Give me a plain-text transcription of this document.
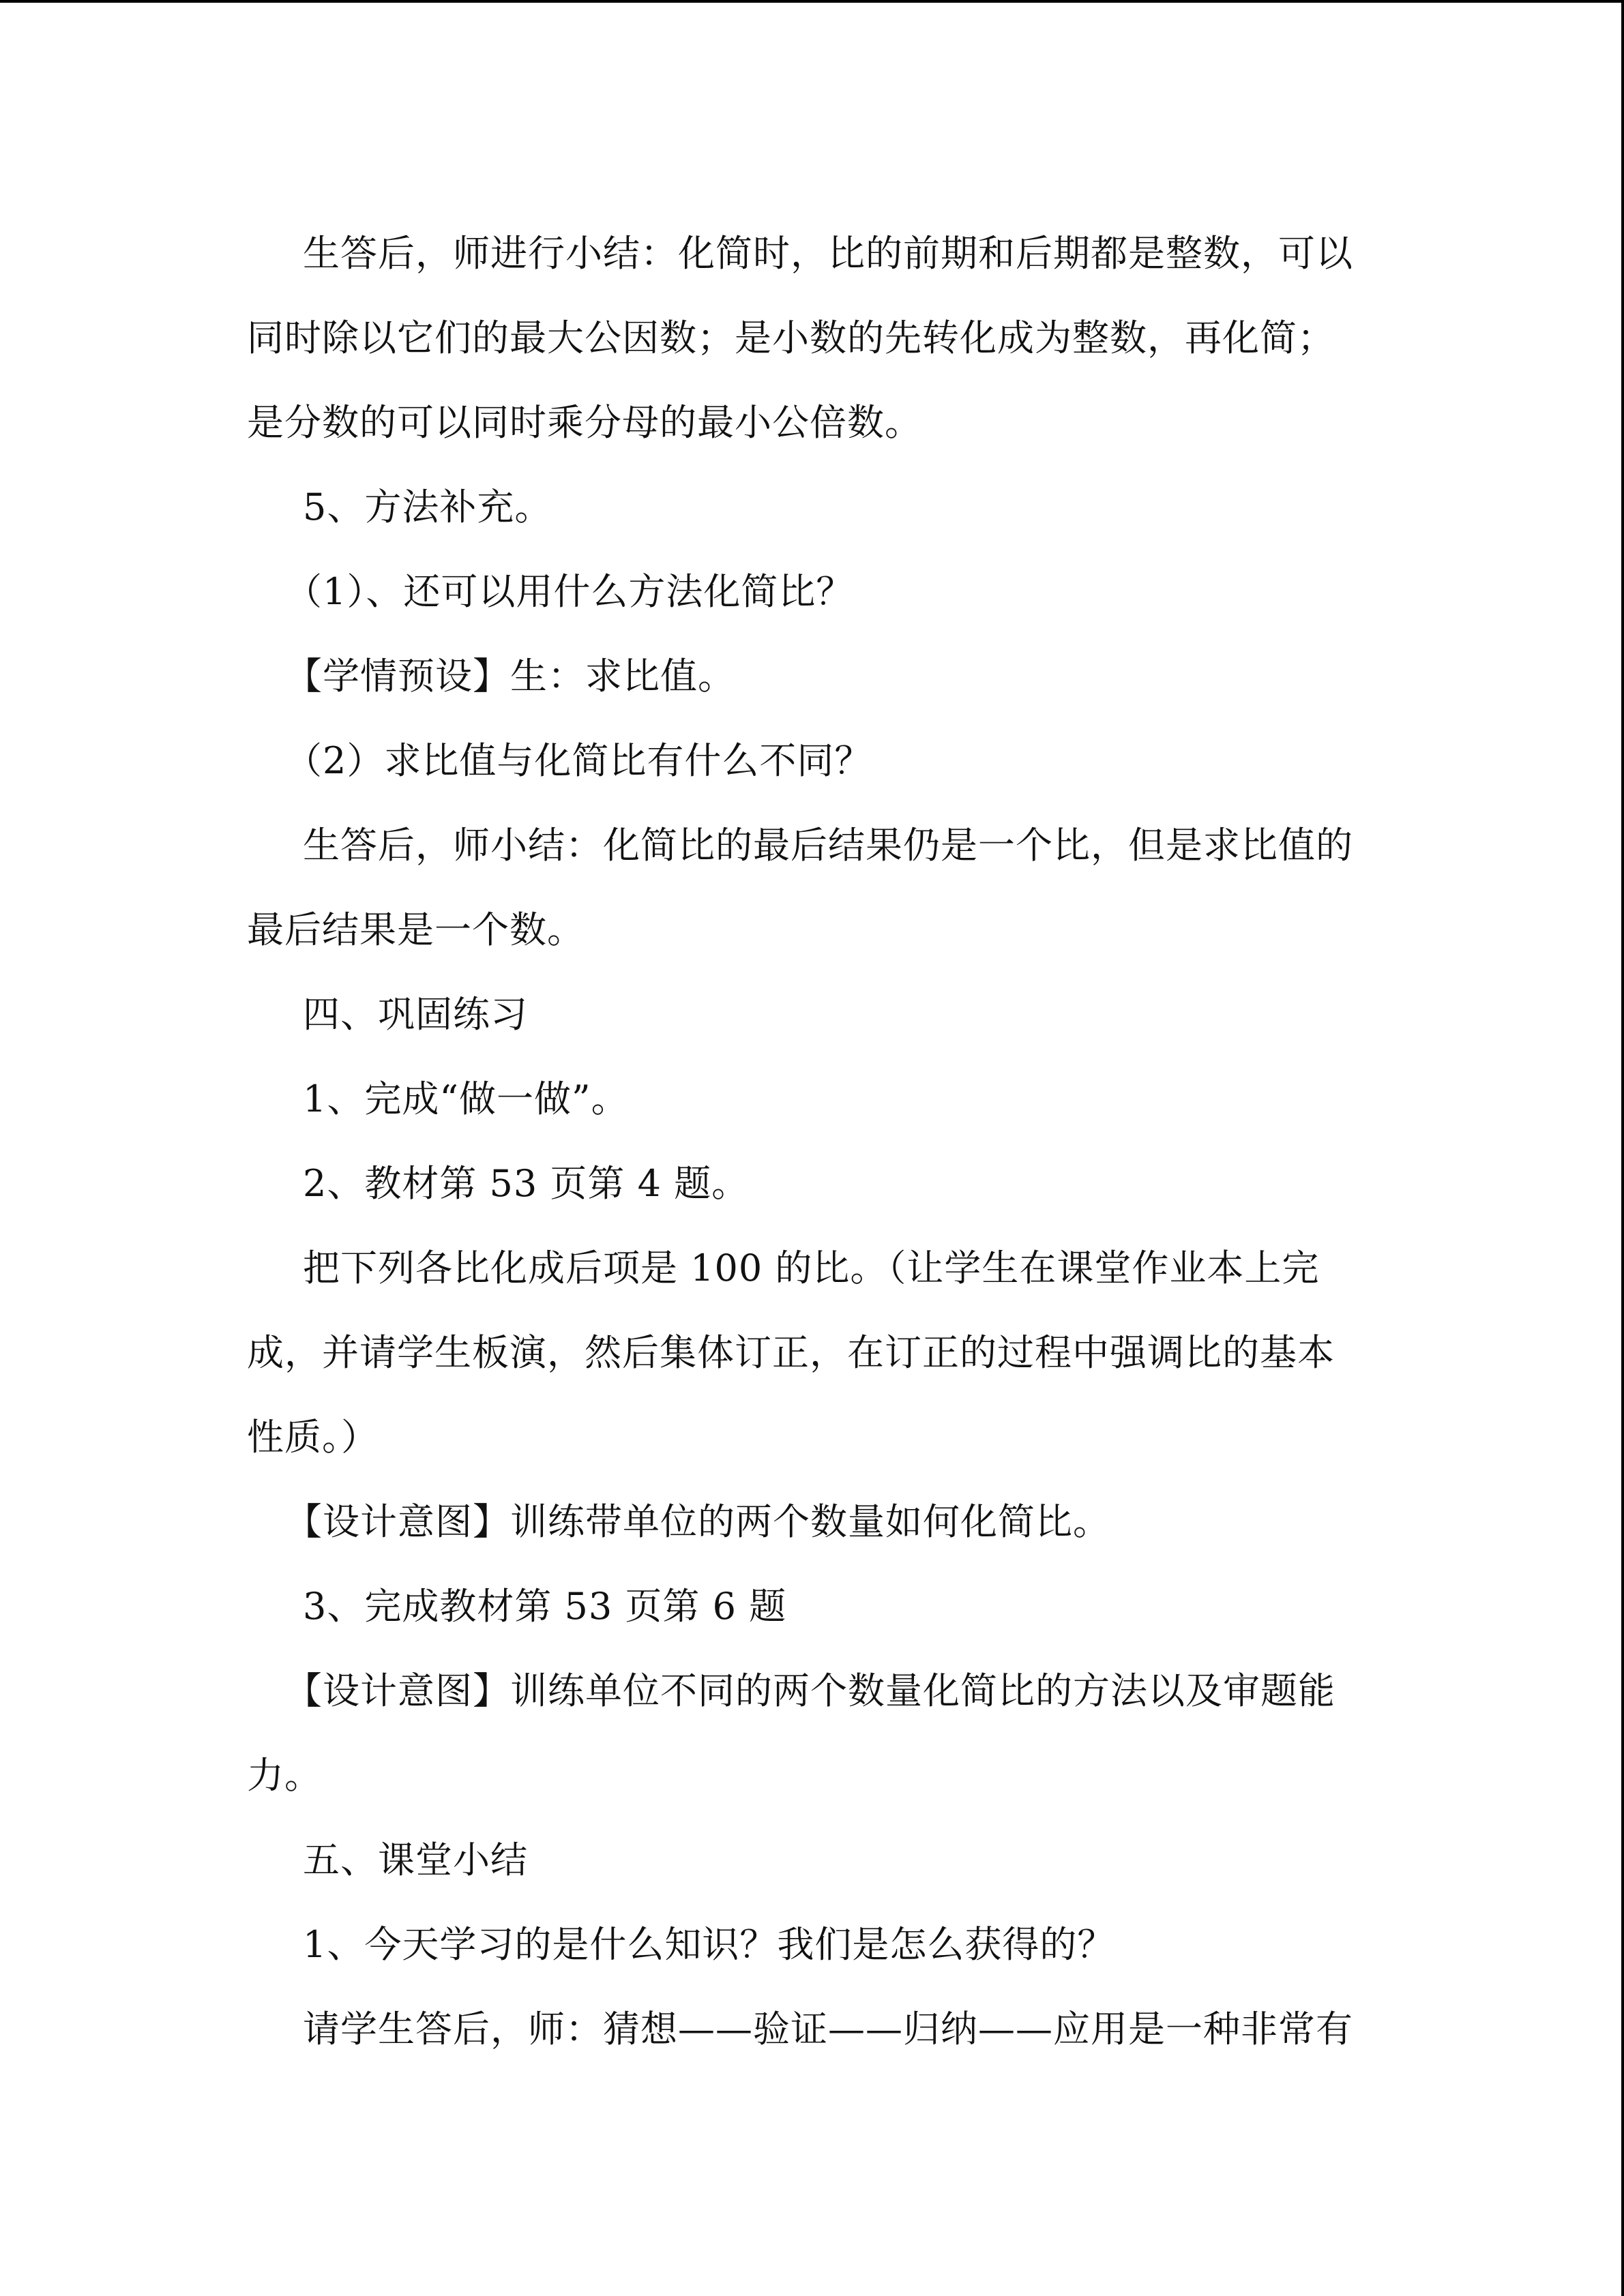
生答后，师进行小结：化简时，比的前期和后期都是整数，可以
同时除以它们的最大公因数；是小数的先转化成为整数，再化简；
是分数的可以同时乘分母的最小公倍数。
5、方法补充。
（1）、还可以用什么方法化简比？
【学情预设】生：求比值。
（2）求比值与化简比有什么不同？
生答后，师小结：化简比的最后结果仍是一个比，但是求比值的
最后结果是一个数。
四、巩固练习
1、完成“做一做”。
2、教材第 53 页第 4 题。
把下列各比化成后项是 100 的比。（让学生在课堂作业本上完
成，并请学生板演，然后集体订正，在订正的过程中强调比的基本
性质。）
【设计意图】训练带单位的两个数量如何化简比。
3、完成教材第 53 页第 6 题
【设计意图】训练单位不同的两个数量化简比的方法以及审题能
力。
五、课堂小结
1、今天学习的是什么知识？我们是怎么获得的？
请学生答后，师：猜想——验证——归纳——应用是一种非常有
